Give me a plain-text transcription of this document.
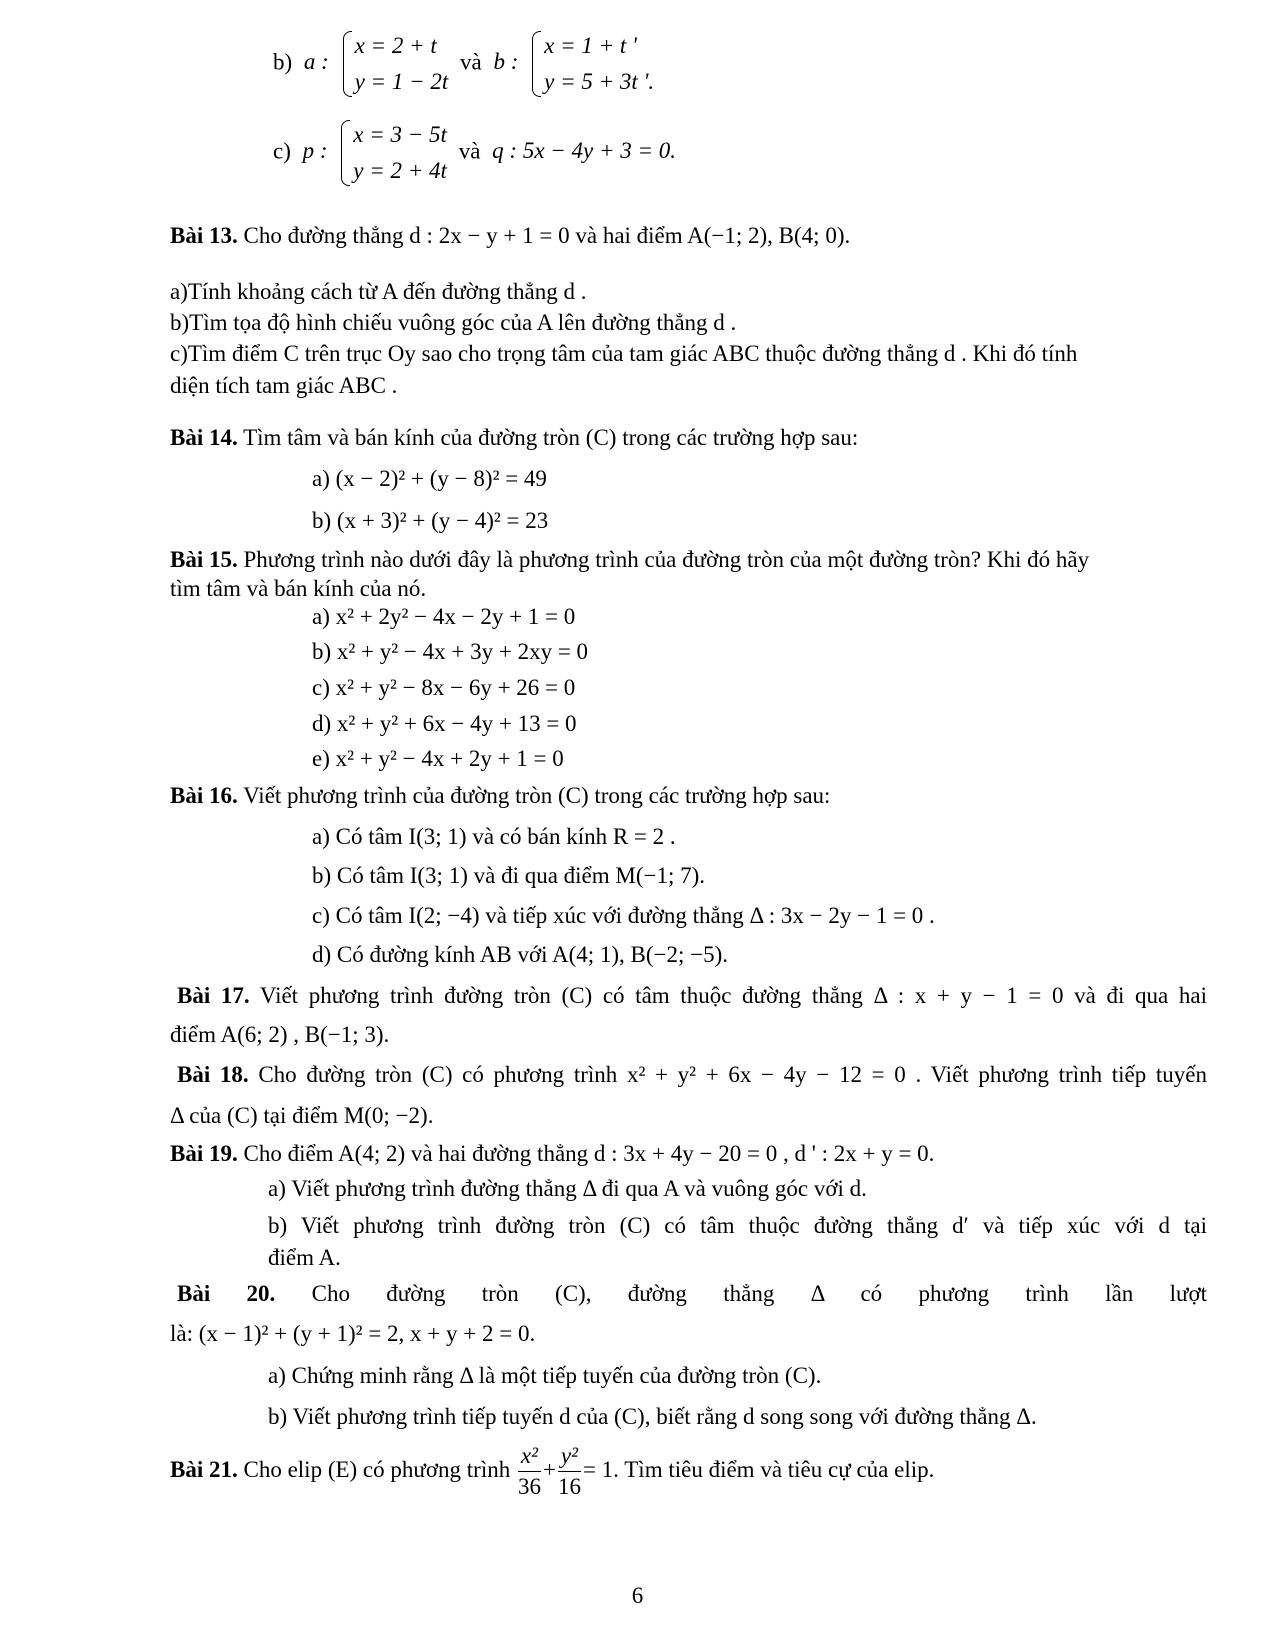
b) a :
x = 2 + t
y = 1 − 2t
và b :
x = 1 + t '
y = 5 + 3t '.
c) p :
x = 3 − 5t
y = 2 + 4t
và q : 5x − 4y + 3 = 0.
Bài 13. Cho đường thẳng d : 2x − y + 1 = 0 và hai điểm A(−1; 2), B(4; 0).
a)Tính khoảng cách từ A đến đường thẳng d .
b)Tìm tọa độ hình chiếu vuông góc của A lên đường thẳng d .
c)Tìm điểm C trên trục Oy sao cho trọng tâm của tam giác ABC thuộc đường thẳng d . Khi đó tính
diện tích tam giác ABC .
Bài 14. Tìm tâm và bán kính của đường tròn (C) trong các trường hợp sau:
a) (x − 2)² + (y − 8)² = 49
b) (x + 3)² + (y − 4)² = 23
Bài 15. Phương trình nào dưới đây là phương trình của đường tròn của một đường tròn? Khi đó hãy
tìm tâm và bán kính của nó.
a) x² + 2y² − 4x − 2y + 1 = 0
b) x² + y² − 4x + 3y + 2xy = 0
c) x² + y² − 8x − 6y + 26 = 0
d) x² + y² + 6x − 4y + 13 = 0
e) x² + y² − 4x + 2y + 1 = 0
Bài 16. Viết phương trình của đường tròn (C) trong các trường hợp sau:
a) Có tâm I(3; 1) và có bán kính R = 2 .
b) Có tâm I(3; 1) và đi qua điểm M(−1; 7).
c) Có tâm I(2; −4) và tiếp xúc với đường thẳng Δ : 3x − 2y − 1 = 0 .
d) Có đường kính AB với A(4; 1), B(−2; −5).
Bài 17. Viết phương trình đường tròn (C) có tâm thuộc đường thẳng Δ : x + y − 1 = 0 và đi qua hai
điểm A(6; 2) , B(−1; 3).
Bài 18. Cho đường tròn (C) có phương trình x² + y² + 6x − 4y − 12 = 0 . Viết phương trình tiếp tuyến
Δ của (C) tại điểm M(0; −2).
Bài 19. Cho điểm A(4; 2) và hai đường thẳng d : 3x + 4y − 20 = 0 , d ' : 2x + y = 0.
a) Viết phương trình đường thẳng Δ đi qua A và vuông góc với d.
b) Viết phương trình đường tròn (C) có tâm thuộc đường thẳng d′ và tiếp xúc với d tại
điểm A.
Bài 20. Cho đường tròn (C), đường thẳng Δ có phương trình lần lượt
là: (x − 1)² + (y + 1)² = 2, x + y + 2 = 0.
a) Chứng minh rằng Δ là một tiếp tuyến của đường tròn (C).
b) Viết phương trình tiếp tuyến d của (C), biết rằng d song song với đường thẳng Δ.
Bài 21. Cho elip (E) có phương trình $\frac{\text{x²}}{36} + \frac{\text{y²}}{16} = 1$. Tìm tiêu điểm và tiêu cự của elip.
6
